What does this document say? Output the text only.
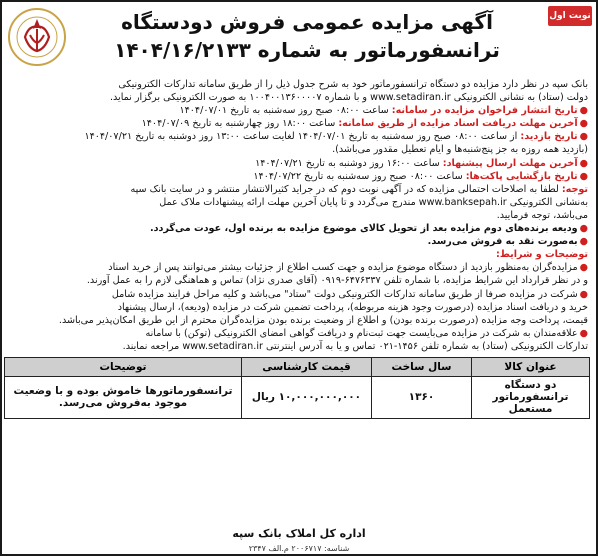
نوبت اول
آگهی مزایده عمومی فروش دودستگاه
ترانسفورماتور به شماره ۱۴۰۴/۱۶/۲۱۳۳
بانک سپه در نظر دارد مزایده دو دستگاه ترانسفورماتور خود به شرح جدول ذیل را از طریق سامانه تدارکات الکترونیکی
دولت (ستاد) به نشانی الکترونیکی www.setadiran.ir و با شماره ۱۰۰۴۰۰۱۳۶۰۰۰۰۷ به صورت الکترونیکی برگزار نماید.
●تاریخ انتشار فراخوان مزایده در سامانه: ساعت ۰۸:۰۰ صبح روز سه‌شنبه به تاریخ ۱۴۰۴/۰۷/۰۱
●آخرین مهلت دریافت اسناد مزایده از طریق سامانه: ساعت ۱۸:۰۰ روز چهارشنبه به تاریخ ۱۴۰۴/۰۷/۰۹
●تاریخ بازدید: از ساعت ۰۸:۰۰ صبح روز سه‌شنبه به تاریخ ۱۴۰۴/۰۷/۰۱ لغایت ساعت ۱۳:۰۰ روز دوشنبه به تاریخ ۱۴۰۴/۰۷/۲۱
(بازدید همه روزه به جز پنج‌شنبه‌ها و ایام تعطیل مقدور می‌باشد).
●آخرین مهلت ارسال پیشنهاد: ساعت ۱۶:۰۰ روز دوشنبه به تاریخ ۱۴۰۴/۰۷/۲۱
●تاریخ بازگشایی پاکت‌ها: ساعت ۰۸:۰۰ صبح روز سه‌شنبه به تاریخ ۱۴۰۴/۰۷/۲۲
توجه: لطفا به اصلاحات احتمالی مزایده که در آگهی نوبت دوم که در جراید کثیرالانتشار منتشر و در سایت بانک سپه
به‌نشانی الکترونیکی www.banksepah.ir مندرج می‌گردد و تا پایان آخرین مهلت ارائه پیشنهادات ملاک عمل
می‌باشد، توجه فرمایید.
●ودیعه برنده‌های دوم مزایده بعد از تحویل کالای موضوع مزایده به برنده اول، عودت می‌گردد.
●به‌صورت نقد به فروش می‌رسد.
توضیحات و شرایط:
●مزایده‌گران به‌منظور بازدید از دستگاه موضوع مزایده و جهت کسب اطلاع از جزئیات بیشتر می‌توانند پس از خرید اسناد
و در نظر قرارداد این شرایط مزایده، با شماره تلفن ۶۴۷۶۳۳۷-۰۹۱۹ (آقای صدری نژاد) تماس و هماهنگی لازم را به عمل آورند.
●شرکت در مزایده صرفا از طریق سامانه تدارکات الکترونیکی دولت "ستاد" می‌باشد و کلیه مراحل فرایند مزایده شامل
خرید و دریافت اسناد مزایده (درصورت وجود هزینه مربوطه)، پرداخت تضمین شرکت در مزایده (ودیعه)، ارسال پیشنهاد
قیمت، پرداخت وجه مزایده (درصورت برنده بودن) و اطلاع از وضعیت برنده بودن مزایده‌گران محترم از این طریق امکان‌پذیر می‌باشد.
●علاقه‌مندان به شرکت در مزایده می‌بایست جهت ثبت‌نام و دریافت گواهی امضای الکترونیکی (توکن) با سامانه
تدارکات الکترونیکی (ستاد) به شماره تلفن ۱۴۵۶-۰۲۱ تماس و یا به آدرس اینترنتی www.setadiran.ir مراجعه نمایند.
عنوان کالا	سال ساخت	قیمت کارشناسی	توضیحات
دو دستگاه ترانسفورماتور مستعمل	۱۳۶۰	۱۰,۰۰۰,۰۰۰,۰۰۰ ریال	ترانسفورماتورها خاموش بوده و با وضعیت موجود به‌فروش می‌رسد.
اداره کل املاک بانک سپه
شناسه: ۲۰۰۶۷۱۷ م.الف ۲۳۴۷
